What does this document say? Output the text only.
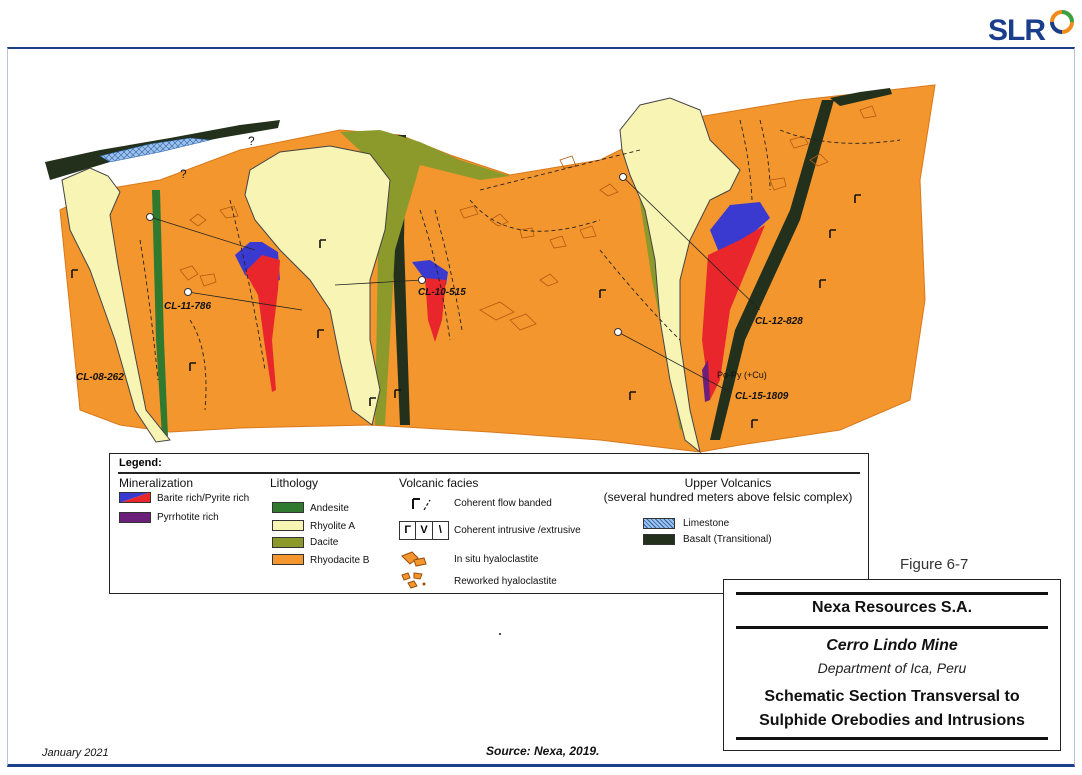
SLR
?
?
CL-08-262
CL-11-786
CL-10-515
CL-12-828
CL-15-1809
Po-Py (+Cu)
Legend:
Mineralization
Barite rich/Pyrite rich
Pyrrhotite rich
Lithology
Andesite
Rhyolite A
Dacite
Rhyodacite B
Volcanic facies
Coherent flow banded
Γ V	\	Coherent intrusive /extrusive
In situ hyaloclastite
Reworked hyaloclastite
Upper Volcanics
(several hundred meters above felsic complex)
Limestone
Basalt (Transitional)
Figure 6-7
Nexa Resources S.A.
Cerro Lindo Mine
Department of Ica, Peru
Schematic Section Transversal to
Sulphide Orebodies and Intrusions
January 2021	Source: Nexa, 2019.
